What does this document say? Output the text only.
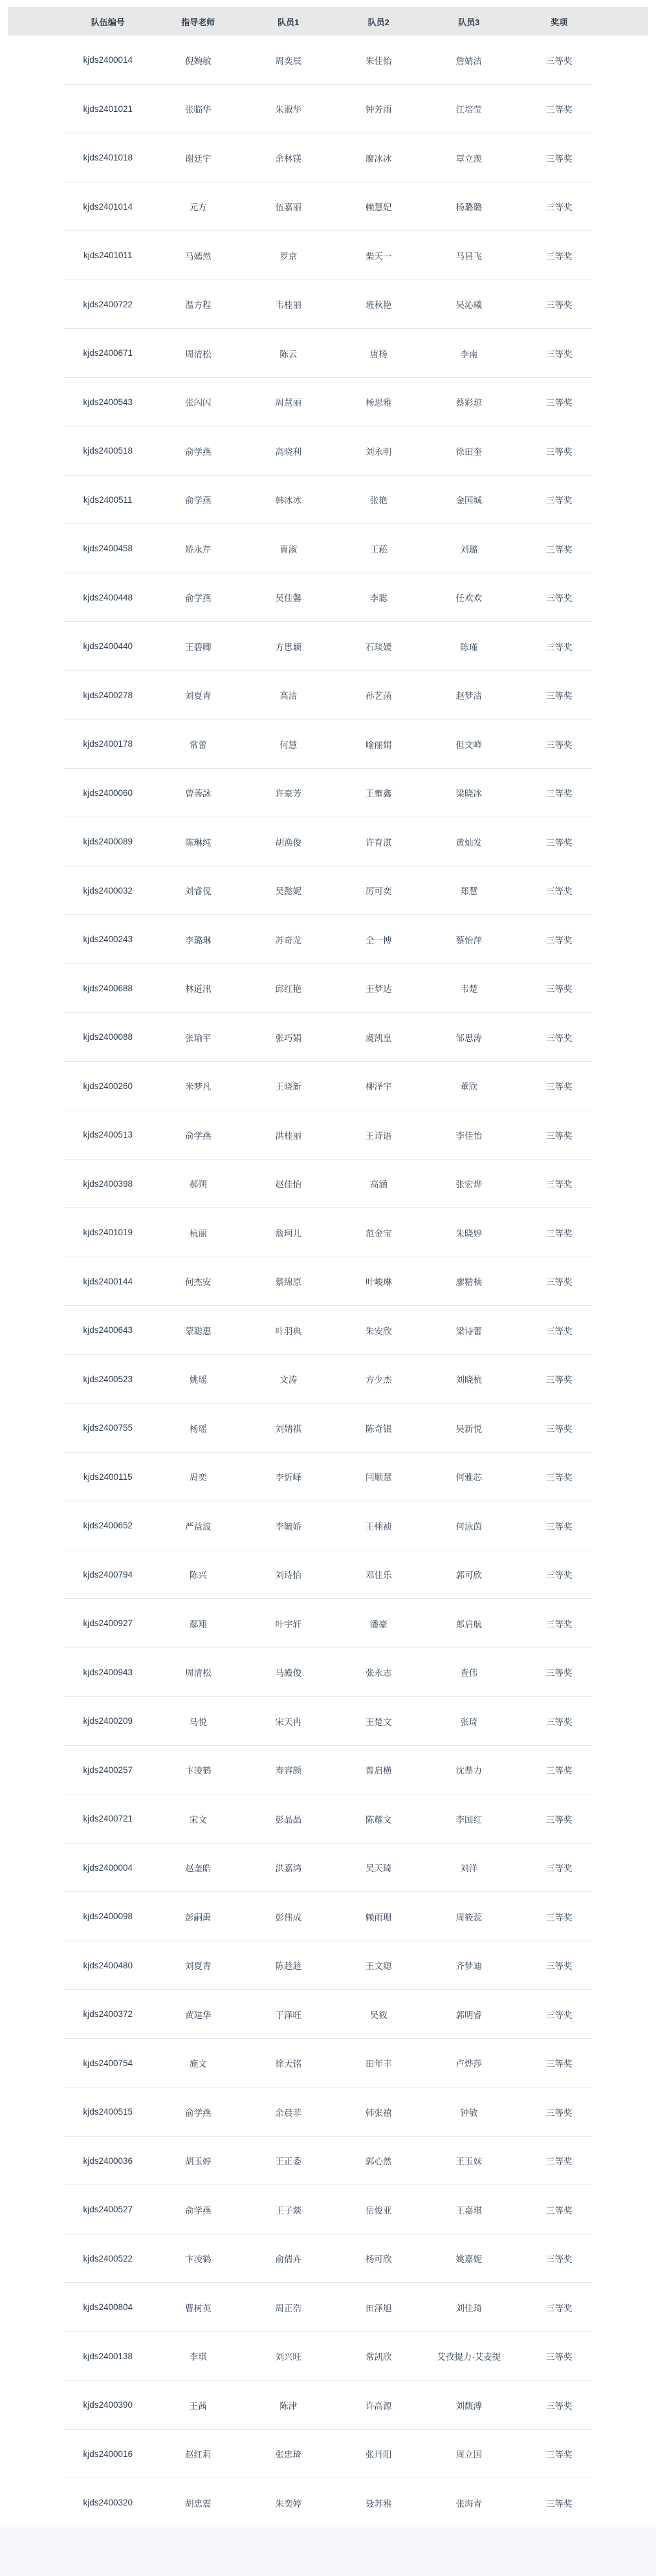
队伍编号	指导老师	队员1	队员2	队员3	奖项
kjds2400014	倪婉敏	周奕辰	朱佳怡	詹婧洁	三等奖
kjds2401021	张临华	朱淑华	钟芳雨	江培莹	三等奖
kjds2401018	谢廷宇	余林镁	廖冰冰	覃立羡	三等奖
kjds2401014	元方	伍嘉丽	赖慧妃	杨璐璐	三等奖
kjds2401011	马嫣然	罗京	柴天一	马昌飞	三等奖
kjds2400722	温方程	韦桂丽	班秋艳	吴沁曦	三等奖
kjds2400671	周清松	陈云	唐杨	李南	三等奖
kjds2400543	张闪闪	周慧丽	杨思雅	蔡彩琼	三等奖
kjds2400518	俞学燕	高晓利	刘永明	徐田奎	三等奖
kjds2400511	俞学燕	韩冰冰	张艳	金国城	三等奖
kjds2400458	矫永芹	曹淑	王菘	刘璐	三等奖
kjds2400448	俞学燕	吴佳馨	李聪	任欢欢	三等奖
kjds2400440	王碧卿	方思颖	石琰媛	陈瑾	三等奖
kjds2400278	刘夏青	高洁	孙艺菡	赵梦洁	三等奖
kjds2400178	常蕾	何慧	喻丽娟	但文峰	三等奖
kjds2400060	曾莠詠	许豪芳	王壅鑫	梁晓冰	三等奖
kjds2400089	陈琳纯	胡涣俊	许育淇	黄灿发	三等奖
kjds2400032	刘睿伣	吴懿妮	厉可奕	郑慧	三等奖
kjds2400243	李璐琳	苏奇龙	仝一博	蔡怡萍	三等奖
kjds2400688	林道汛	邱红艳	王梦达	韦楚	三等奖
kjds2400088	张瑜平	张巧娟	虞凯皇	邹思涛	三等奖
kjds2400260	米梦凡	王晓新	柳泽宇	董欣	三等奖
kjds2400513	俞学燕	洪桂丽	王诗语	李佳怡	三等奖
kjds2400398	郝朔	赵佳怡	高涵	张宏烨	三等奖
kjds2401019	杭丽	詹珂儿	范金宝	朱晓婷	三等奖
kjds2400144	何杰安	蔡绵原	叶峻琳	廖精楠	三等奖
kjds2400643	蒙聪惠	叶羽典	朱安欣	梁诗蕾	三等奖
kjds2400523	姚瑶	文涛	方少杰	刘晓杭	三等奖
kjds2400755	杨瑶	刘婧祺	陈奇银	吴新悦	三等奖
kjds2400115	周奕	李忻峄	闫顺慧	何雅芯	三等奖
kjds2400652	严益波	李毓娇	王栩祯	何泳茵	三等奖
kjds2400794	陈兴	刘诗怡	邓佳乐	郭可欣	三等奖
kjds2400927	鄢翔	叶宇轩	潘豪	郎启航	三等奖
kjds2400943	周清松	马殿俊	张永志	查伟	三等奖
kjds2400209	马悦	宋天冉	王楚文	张琦	三等奖
kjds2400257	卞凌鹤	寿容颜	曾启横	沈鼎力	三等奖
kjds2400721	宋文	彭晶晶	陈耀文	李国红	三等奖
kjds2400004	赵奎皓	洪嘉鸿	吴天琦	刘洋	三等奖
kjds2400098	彭嗣禹	彭伟成	赖雨珊	周筱蕊	三等奖
kjds2400480	刘夏青	陈趁趁	王文聪	齐梦迪	三等奖
kjds2400372	黄建华	于泽旺	吴筱	郭明睿	三等奖
kjds2400754	施文	徐天铭	田年丰	卢烨莎	三等奖
kjds2400515	俞学燕	余晨菲	韩张禧	钟敏	三等奖
kjds2400036	胡玉婷	王正委	郭心然	王玉妹	三等奖
kjds2400527	俞学燕	王子燚	岳俊亚	王嘉琪	三等奖
kjds2400522	卞凌鹤	俞倩卉	杨可欣	姚嘉妮	三等奖
kjds2400804	曹树英	周正浩	田泽旭	刘佳琦	三等奖
kjds2400138	李琪	刘兴旺	常凯欣	艾孜提力·艾麦提	三等奖
kjds2400390	王茜	陈津	许高源	刘馥溥	三等奖
kjds2400016	赵红莉	张忠琦	张丹阳	周立国	三等奖
kjds2400320	胡忠震	朱奕婷	聂苏雅	张海青	三等奖
